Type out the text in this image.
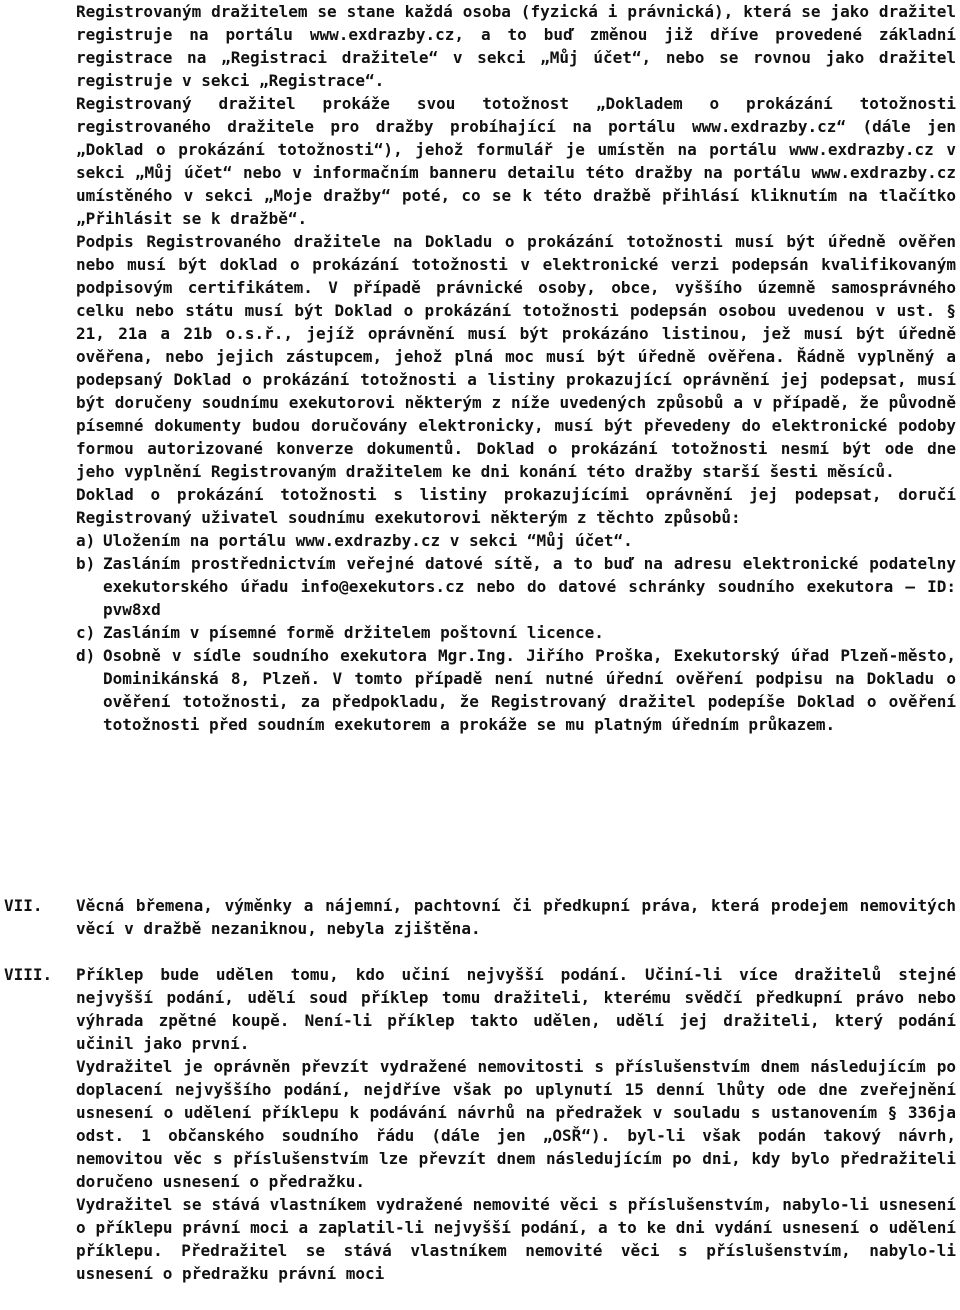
Registrovaným dražitelem se stane každá osoba (fyzická i právnická), která se jako dražitel registruje na portálu www.exdrazby.cz, a to buď změnou již dříve provedené základní registrace na „Registraci dražitele“ v sekci „Můj účet“, nebo se rovnou jako dražitel registruje v sekci „Registrace“.

Registrovaný dražitel prokáže svou totožnost „Dokladem o prokázání totožnosti registrovaného dražitele pro dražby probíhající na portálu www.exdrazby.cz“ (dále jen „Doklad o prokázání totožnosti“), jehož formulář je umístěn na portálu www.exdrazby.cz v sekci „Můj účet“ nebo v informačním banneru detailu této dražby na portálu www.exdrazby.cz umístěného v sekci „Moje dražby“ poté, co se k této dražbě přihlásí kliknutím na tlačítko „Přihlásit se k dražbě“.

Podpis Registrovaného dražitele na Dokladu o prokázání totožnosti musí být úředně ověřen nebo musí být doklad o prokázání totožnosti v elektronické verzi podepsán kvalifikovaným podpisovým certifikátem. V případě právnické osoby, obce, vyššího územně samosprávného celku nebo státu musí být Doklad o prokázání totožnosti podepsán osobou uvedenou v ust. § 21, 21a a 21b o.s.ř., jejíž oprávnění musí být prokázáno listinou, jež musí být úředně ověřena, nebo jejich zástupcem, jehož plná moc musí být úředně ověřena. Řádně vyplněný a podepsaný Doklad o prokázání totožnosti a listiny prokazující oprávnění jej podepsat, musí být doručeny soudnímu exekutorovi některým z níže uvedených způsobů a v případě, že původně písemné dokumenty budou doručovány elektronicky, musí být převedeny do elektronické podoby formou autorizované konverze dokumentů. Doklad o prokázání totožnosti nesmí být ode dne jeho vyplnění Registrovaným dražitelem ke dni konání této dražby starší šesti měsíců.

Doklad o prokázání totožnosti s listiny prokazujícími oprávnění jej podepsat, doručí Registrovaný uživatel soudnímu exekutorovi některým z těchto způsobů:

a) Uložením na portálu www.exdrazby.cz v sekci “Můj účet“.
b) Zasláním prostřednictvím veřejné datové sítě, a to buď na adresu elektronické podatelny exekutorského úřadu info@exekutors.cz nebo do datové schránky soudního exekutora – ID: pvw8xd
c) Zasláním v písemné formě držitelem poštovní licence.
d) Osobně v sídle soudního exekutora Mgr.Ing. Jiřího Proška, Exekutorský úřad Plzeň-město, Dominikánská 8, Plzeň. V tomto případě není nutné úřední ověření podpisu na Dokladu o ověření totožnosti, za předpokladu, že Registrovaný dražitel podepíše Doklad o ověření totožnosti před soudním exekutorem a prokáže se mu platným úředním průkazem.
VII. Věcná břemena, výměnky a nájemní, pachtovní či předkupní práva, která prodejem nemovitých věcí v dražbě nezaniknou, nebyla zjištěna.

VIII. Příklep bude udělen tomu, kdo učiní nejvyšší podání. Učiní-li více dražitelů stejné nejvyšší podání, udělí soud příklep tomu dražiteli, kterému svědčí předkupní právo nebo výhrada zpětné koupě. Není-li příklep takto udělen, udělí jej dražiteli, který podání učinil jako první.

Vydražitel je oprávněn převzít vydražené nemovitosti s příslušenstvím dnem následujícím po doplacení nejvyššího podání, nejdříve však po uplynutí 15 denní lhůty ode dne zveřejnění usnesení o udělení příklepu k podávání návrhů na předražek v souladu s ustanovením § 336ja odst. 1 občanského soudního řádu (dále jen „OSŘ“). byl-li však podán takový návrh, nemovitou věc s příslušenstvím lze převzít dnem následujícím po dni, kdy bylo předražiteli doručeno usnesení o předražku.

Vydražitel se stává vlastníkem vydražené nemovité věci s příslušenstvím, nabylo-li usnesení o příklepu právní moci a zaplatil-li nejvyšší podání, a to ke dni vydání usnesení o udělení příklepu. Předražitel se stává vlastníkem nemovité věci s příslušenstvím, nabylo-li usnesení o předražku právní moci
